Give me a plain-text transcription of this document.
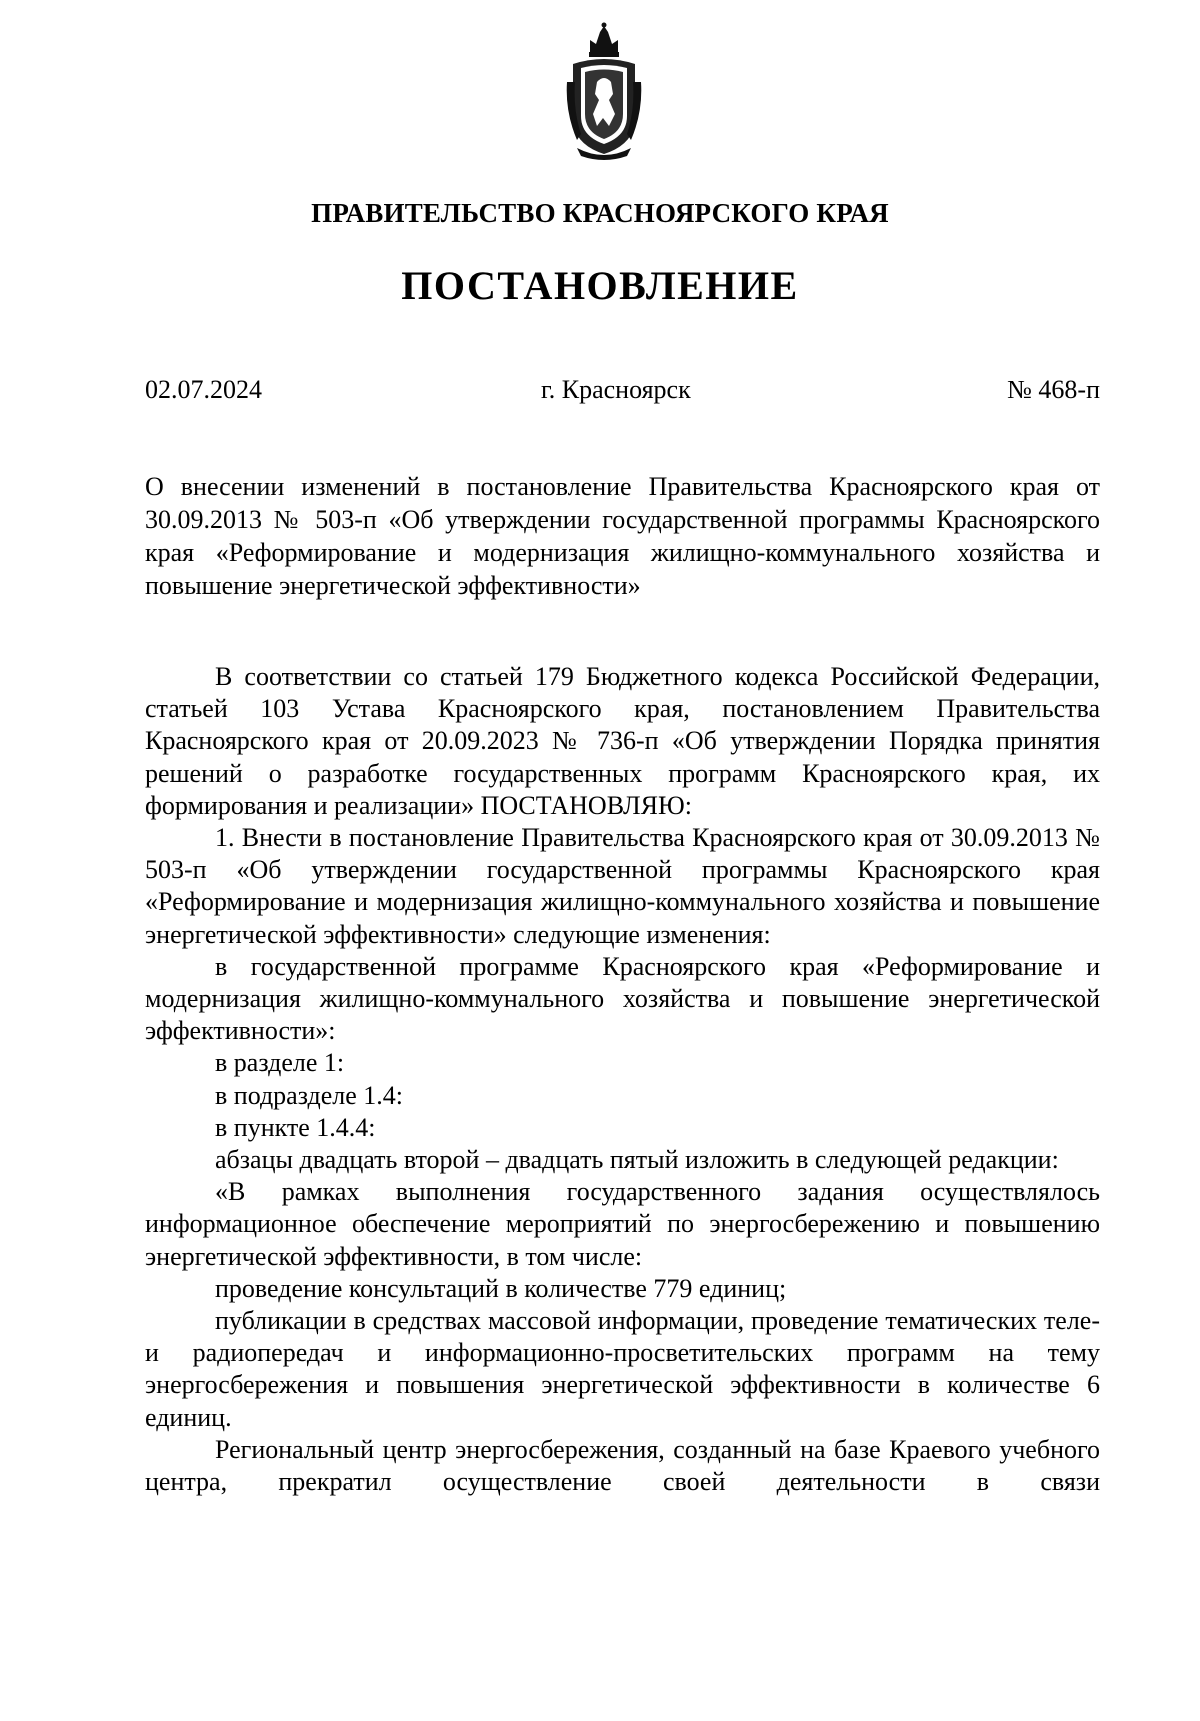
ПРАВИТЕЛЬСТВО КРАСНОЯРСКОГО КРАЯ
ПОСТАНОВЛЕНИЕ
02.07.2024	г. Красноярск	№ 468-п
О внесении изменений в постановление Правительства Красноярского края от 30.09.2013 № 503-п «Об утверждении государственной программы Красноярского края «Реформирование и модернизация жилищно-коммунального хозяйства и повышение энергетической эффективности»

В соответствии со статьей 179 Бюджетного кодекса Российской Федерации, статьей 103 Устава Красноярского края, постановлением Правительства Красноярского края от 20.09.2023 № 736-п «Об утверждении Порядка принятия решений о разработке государственных программ Красноярского края, их формирования и реализации» ПОСТАНОВЛЯЮ:

1. Внести в постановление Правительства Красноярского края от 30.09.2013 № 503-п «Об утверждении государственной программы Красноярского края «Реформирование и модернизация жилищно-коммунального хозяйства и повышение энергетической эффективности» следующие изменения:

в государственной программе Красноярского края «Реформирование и модернизация жилищно-коммунального хозяйства и повышение энергетической эффективности»:

в разделе 1:

в подразделе 1.4:

в пункте 1.4.4:

абзацы двадцать второй – двадцать пятый изложить в следующей редакции:

«В рамках выполнения государственного задания осуществлялось информационное обеспечение мероприятий по энергосбережению и повышению энергетической эффективности, в том числе:

проведение консультаций в количестве 779 единиц;

публикации в средствах массовой информации, проведение тематических теле- и радиопередач и информационно-просветительских программ на тему энергосбережения и повышения энергетической эффективности в количестве 6 единиц.

Региональный центр энергосбережения, созданный на базе Краевого учебного центра, прекратил осуществление своей деятельности в связи
